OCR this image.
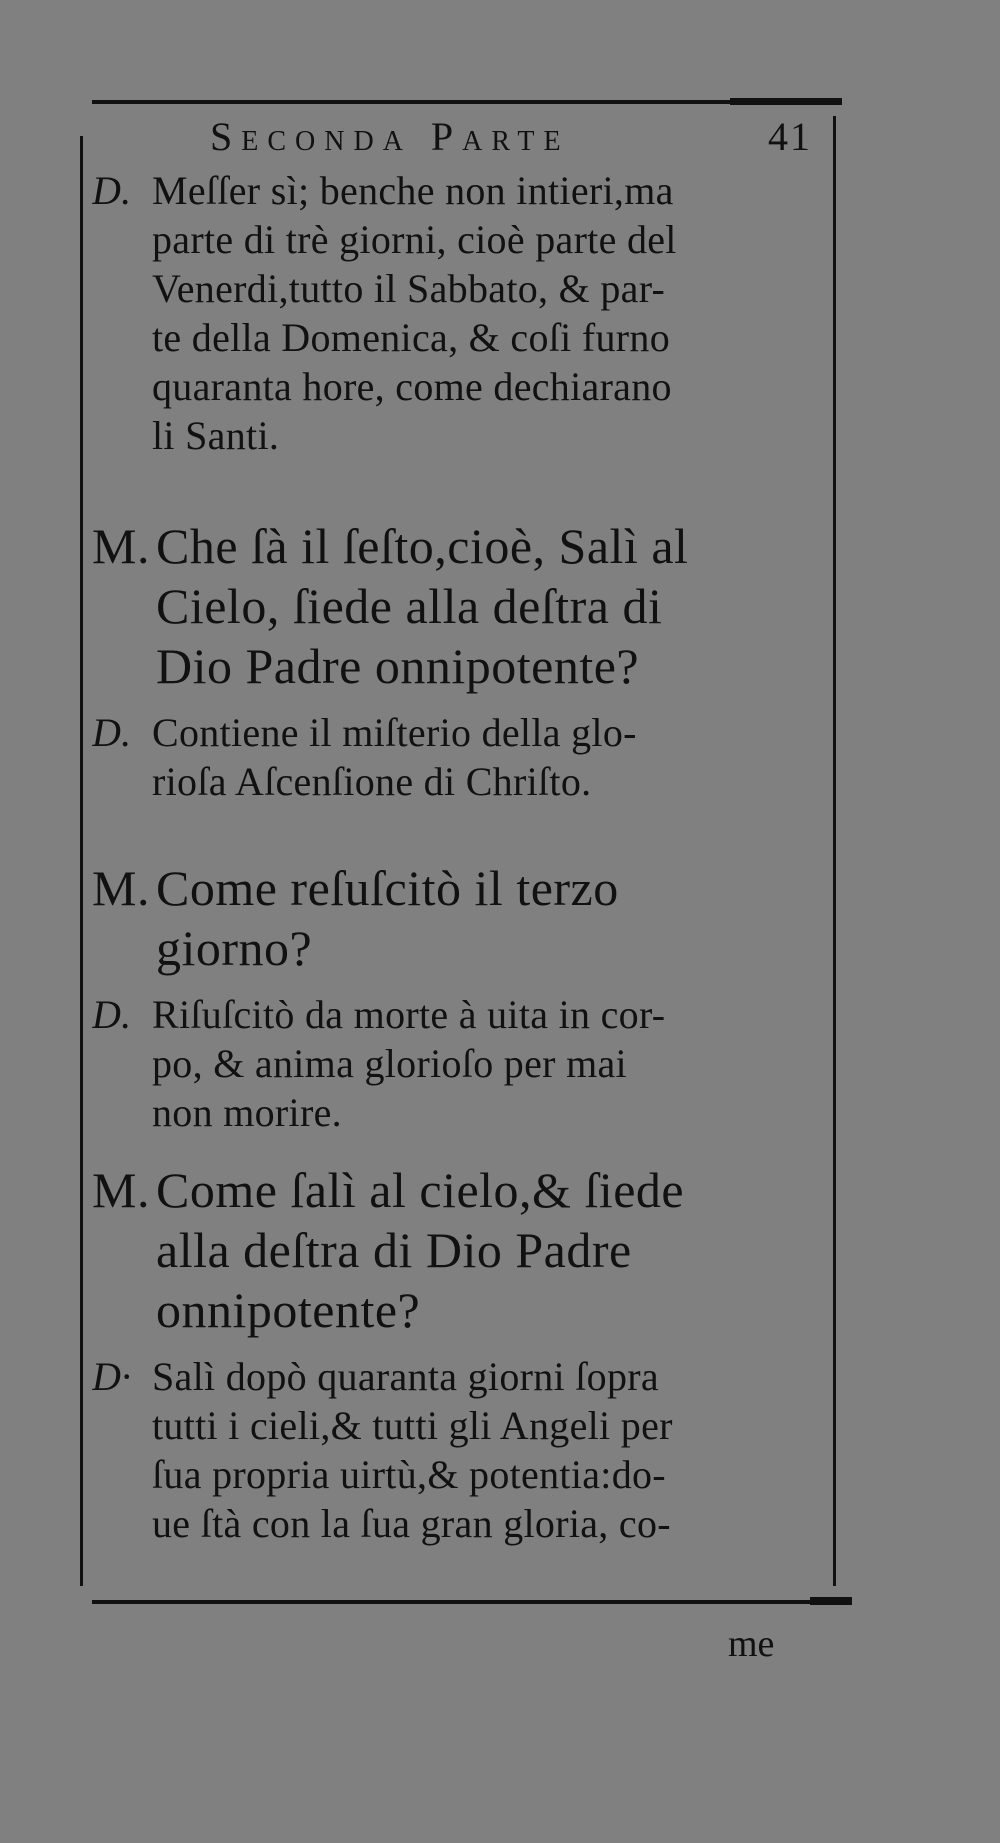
Seconda Parte	41
D. Meſſer sì; benche non intieri,ma
parte di trè giorni, cioè parte del
Venerdi,tutto il Sabbato, & par-
te della Domenica, & coſi furno
quaranta hore, come dechiarano
li Santi.
M. Che ſà il ſeſto,cioè, Salì al
Cielo, ſiede alla deſtra di
Dio Padre onnipotente?
D. Contiene il miſterio della glo-
rioſa Aſcenſione di Chriſto.
M. Come reſuſcitò il terzo
giorno?
D. Riſuſcitò da morte à uita in cor-
po, & anima glorioſo per mai
non morire.
M. Come ſalì al cielo,& ſiede
alla deſtra di Dio Padre
onnipotente?
D· Salì dopò quaranta giorni ſopra
tutti i cieli,& tutti gli Angeli per
ſua propria uirtù,& potentia:do-
ue ſtà con la ſua gran gloria, co-
me
